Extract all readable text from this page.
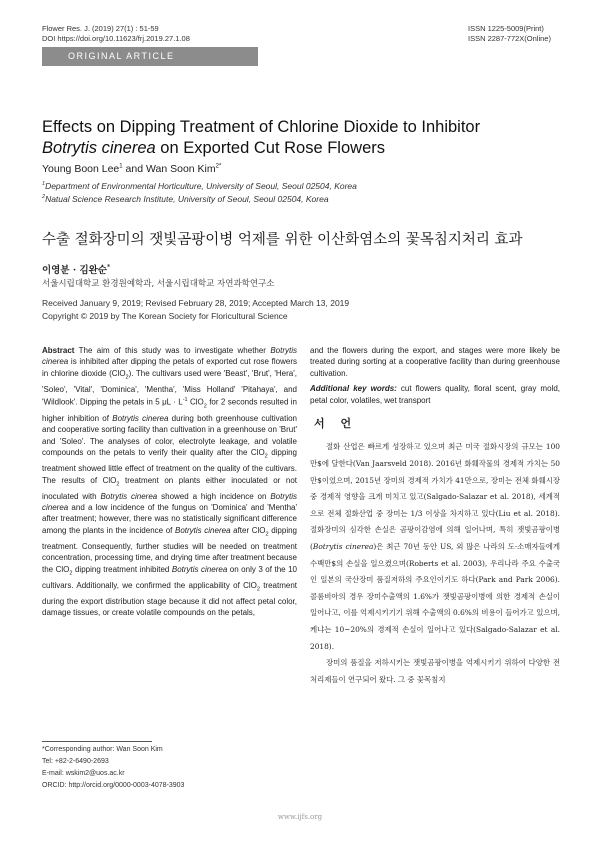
Flower Res. J. (2019) 27(1) : 51-59
DOI https://doi.org/10.11623/frj.2019.27.1.08
ISSN 1225-5009(Print)
ISSN 2287-772X(Online)
ORIGINAL ARTICLE
Effects on Dipping Treatment of Chlorine Dioxide to Inhibitor
Botrytis cinerea on Exported Cut Rose Flowers
Young Boon Lee$^1$ and Wan Soon Kim$^{2*}$
$^1$Department of Environmental Horticulture, University of Seoul, Seoul 02504, Korea
$^2$Natual Science Research Institute, University of Seoul, Seoul 02504, Korea
수출 절화장미의 잿빛곰팡이병 억제를 위한 이산화염소의 꽃목침지처리 효과
이영분 · 김완순*
서울시립대학교 환경원예학과, 서울시립대학교 자연과학연구소
Received January 9, 2019; Revised February 28, 2019; Accepted March 13, 2019
Copyright © 2019 by The Korean Society for Floricultural Science
Abstract The aim of this study was to investigate whether Botrytis cinerea is inhibited after dipping the petals of exported cut rose flowers in chlorine dioxide (ClO$_2$). The cultivars used were 'Beast', 'Brut', 'Hera', 'Soleo', 'Vital', 'Dominica', 'Mentha', 'Miss Holland' 'Pitahaya', and 'Wildlook'. Dipping the petals in 5 $\mu L \cdot L^{-1}$ ClO$_2$ for 2 seconds resulted in higher inhibition of Botrytis cinerea during both greenhouse cultivation and cooperative sorting facility than cultivation in a greenhouse on 'Brut' and 'Soleo'. The analyses of color, electrolyte leakage, and volatile compounds on the petals to verify their quality after the ClO$_2$ dipping treatment showed little effect of treatment on the quality of the cultivars. The results of ClO$_2$ treatment on plants either inoculated or not inoculated with Botrytis cinerea showed a high incidence on Botrytis cinerea and a low incidence of the fungus on 'Dominica' and 'Mentha' after treatment; however, there was no statistically significant difference among the plants in the incidence of Botrytis cinerea after ClO$_2$ dipping treatment. Consequently, further studies will be needed on treatment concentration, processing time, and drying time after treatment because the ClO$_2$ dipping treatment inhibited Botrytis cinerea on only 3 of the 10 cultivars. Additionally, we confirmed the applicability of ClO$_2$ treatment during the export distribution stage because it did not affect petal color, damage tissues, or create volatile compounds on the petals,
and the flowers during the export, and stages were more likely be treated during sorting at a cooperative facility than during greenhouse cultivation.
Additional key words: cut flowers quality, floral scent, gray mold, petal color, volatiles, wet transport
서 언
절화 산업은 빠르게 성장하고 있으며 최근 미국 절화시장의 규모는 100만$에 달한다(Van Jaarsveld 2018). 2016년 화훼작물의 경제적 가치는 50만$이었으며, 2015년 장미의 경제적 가치가 41만으로, 장미는 전체 화훼시장 중 경제적 영향을 크게 미치고 있고(Salgado-Salazar et al. 2018), 세계적으로 전체 절화산업 중 장미는 1/3 이상을 차지하고 있다(Liu et al. 2018). 절화장미의 심각한 손실은 곰팡이감염에 의해 일어나며, 특히 잿빛곰팡이병(Botrytis cinerea)은 최근 70년 동안 US, 외 많은 나라의 도·소매자들에게 수백만$의 손실을 일으켰으며(Roberts et al. 2003), 우리나라 주요 수출국인 일본의 국산장미 품질저하의 주요인이기도 하다(Park and Park 2006). 콜롬비아의 경우 장미수출액의 1.6%가 잿빛곰팡이병에 의한 경제적 손실이 일어나고, 이를 억제시키기기 위해 수출액의 0.6%의 비용이 들어가고 있으며, 케냐는 10~20%의 경제적 손실이 일어나고 있다(Salgado-Salazar et al. 2018).
장미의 품질을 저하시키는 잿빛곰팡이병을 억제시키기 위하여 다양한 전처리제들이 연구되어 왔다. 그 중 꽃목침지
*Corresponding author: Wan Soon Kim
Tel: +82-2-6490-2693
E-mail: wskim2@uos.ac.kr
ORCID: http://orcid.org/0000-0003-4078-3903
www.ijfs.org
